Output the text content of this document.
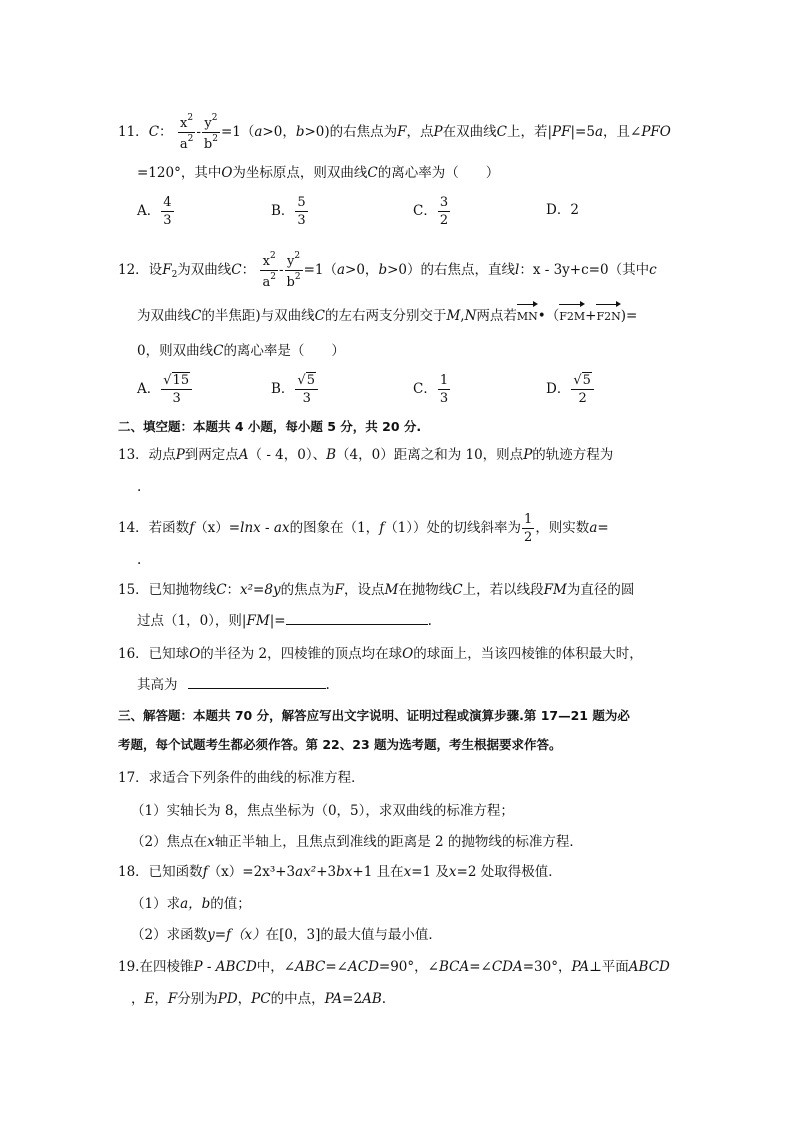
11．C： $\frac{x^2}{a^2} - \frac{y^2}{b^2} =1(a>0$，b>0)的右焦点为F，点P在双曲线C上，若|PF|=5a，且∠PFO
=120°，其中O为坐标原点，则双曲线C的离心率为（　　）
A． $\frac{4}{3}$	B． $\frac{5}{3}$	C． $\frac{3}{2}$	D．2
12．设$F_2$为双曲线C： $\frac{x^2}{a^2} - \frac{y^2}{b^2} =1(a>0$，b>0）的右焦点，直线l：x - 3y+c=0（其中c
为双曲线C的半焦距)与双曲线C的左右两支分别交于M,N两点若MN•（F2M+F2N)=
0，则双曲线C的离心率是（　　）
A． $\frac{√15}{3}$	B． $\frac{√5}{3}$	C． $\frac{1}{3}$	D． $\frac{√5}{2}$
二、填空题：本题共 4 小题，每小题 5 分，共 20 分.
13．动点P到两定点A（ - 4，0）、B（4，0）距离之和为 10，则点P的轨迹方程为
.
14．若函数f（x）=lnx - ax的图象在（1，f（1））处的切线斜率为 $\frac{1}{2}$ ，则实数a=
.
15．已知抛物线C：x²=8y的焦点为F，设点M在抛物线C上，若以线段FM为直径的圆
过点（1，0），则|FM|=	.
16．已知球O的半径为 2，四棱锥的顶点均在球O的球面上，当该四棱锥的体积最大时，
其高为	.
三、解答题：本题共 70 分，解答应写出文字说明、证明过程或演算步骤.第 17—21 题为必
考题，每个试题考生都必须作答。第 22、23 题为选考题，考生根据要求作答。
17．求适合下列条件的曲线的标准方程．
（1）实轴长为 8，焦点坐标为（0，5），求双曲线的标准方程；
（2）焦点在x轴正半轴上，且焦点到准线的距离是 2 的抛物线的标准方程．
18．已知函数f（x）=2x³+3ax²+3bx+1 且在x=1 及x=2 处取得极值．
（1）求a，b的值；
（2）求函数y=f（x）在[0，3]的最大值与最小值．
19.在四棱锥P - ABCD中，∠ABC=∠ACD=90°，∠BCA=∠CDA=30°，PA⊥平面ABCD
，E，F分别为PD，PC的中点，PA=2AB.
